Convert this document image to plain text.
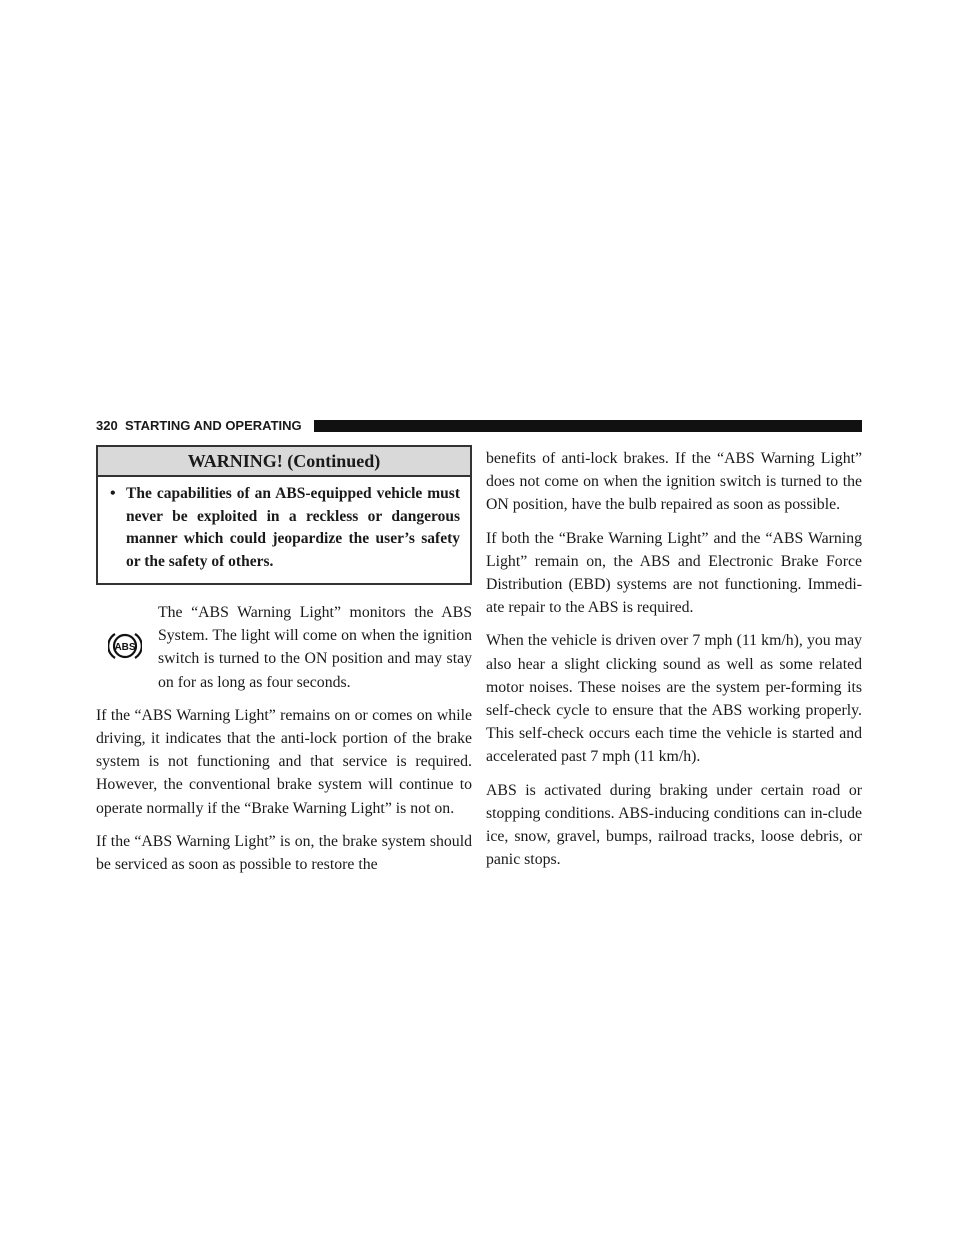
320 STARTING AND OPERATING
WARNING! (Continued)
• The capabilities of an ABS-equipped vehicle must never be exploited in a reckless or dangerous manner which could jeopardize the user’s safety or the safety of others.

ABS

The “ABS Warning Light” monitors the ABS System. The light will come on when the ignition switch is turned to the ON position and may stay on for as long as four seconds.

If the “ABS Warning Light” remains on or comes on while driving, it indicates that the anti-lock portion of the brake system is not functioning and that service is required. However, the conventional brake system will continue to operate normally if the “Brake Warning Light” is not on.

If the “ABS Warning Light” is on, the brake system should be serviced as soon as possible to restore the

benefits of anti-lock brakes. If the “ABS Warning Light” does not come on when the ignition switch is turned to the ON position, have the bulb repaired as soon as possible.

If both the “Brake Warning Light” and the “ABS Warning Light” remain on, the ABS and Electronic Brake Force Distribution (EBD) systems are not functioning. Immedi-ate repair to the ABS is required.

When the vehicle is driven over 7 mph (11 km/h), you may also hear a slight clicking sound as well as some related motor noises. These noises are the system per-forming its self-check cycle to ensure that the ABS working properly. This self-check occurs each time the vehicle is started and accelerated past 7 mph (11 km/h).

ABS is activated during braking under certain road or stopping conditions. ABS-inducing conditions can in-clude ice, snow, gravel, bumps, railroad tracks, loose debris, or panic stops.
